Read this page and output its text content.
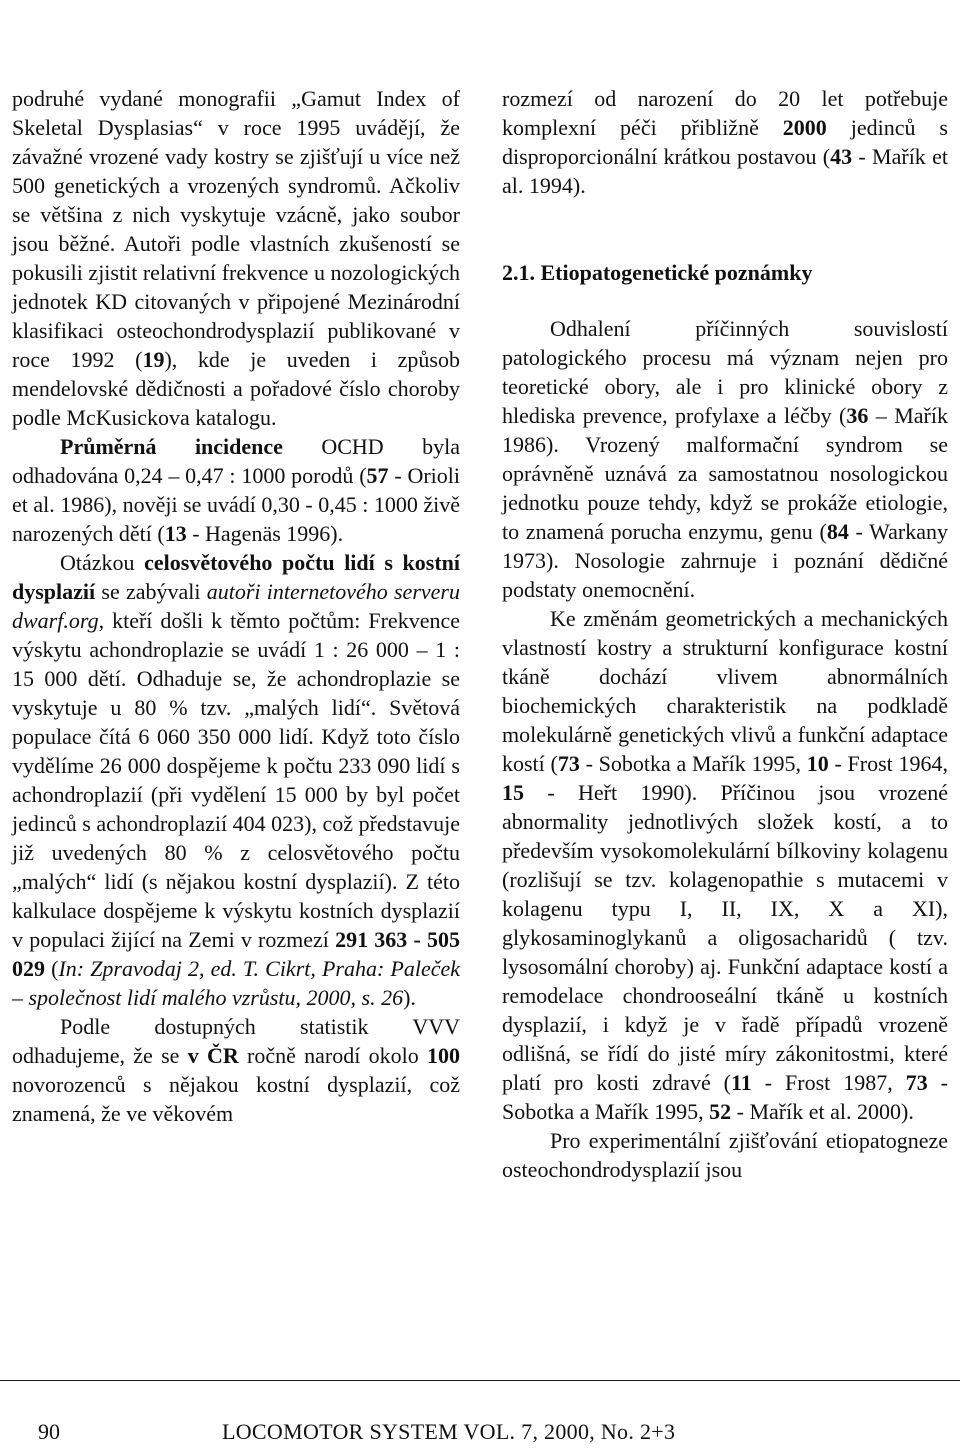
podruhé vydané monografii „Gamut Index of Skeletal Dysplasias“ v roce 1995 uvádějí, že závažné vrozené vady kostry se zjišťují u více než 500 genetických a vrozených syndromů. Ačkoliv se většina z nich vyskytuje vzácně, jako soubor jsou běžné. Autoři podle vlastních zkušeností se pokusili zjistit relativní frekvence u nozologických jednotek KD citovaných v připojené Mezinárodní klasifikaci osteochondrodysplazií publikované v roce 1992 (19), kde je uveden i způsob mendelovské dědičnosti a pořadové číslo choroby podle McKusickova katalogu.

Průměrná incidence OCHD byla odhadována 0,24 – 0,47 : 1000 porodů (57 - Orioli et al. 1986), nověji se uvádí 0,30 - 0,45 : 1000 živě narozených dětí (13 - Hagenäs 1996).

Otázkou celosvětového počtu lidí s kostní dysplazií se zabývali autoři internetového serveru dwarf.org, kteří došli k těmto počtům: Frekvence výskytu achondroplazie se uvádí 1 : 26 000 – 1 : 15 000 dětí. Odhaduje se, že achondroplazie se vyskytuje u 80 % tzv. „malých lidí“. Světová populace čítá 6 060 350 000 lidí. Když toto číslo vydělíme 26 000 dospějeme k počtu 233 090 lidí s achondroplazií (při vydělení 15 000 by byl počet jedinců s achondroplazií 404 023), což představuje již uvedených 80 % z celosvětového počtu „malých“ lidí (s nějakou kostní dysplazií). Z této kalkulace dospějeme k výskytu kostních dysplazií v populaci žijící na Zemi v rozmezí 291 363 - 505 029 (In: Zpravodaj 2, ed. T. Cikrt, Praha: Paleček – společnost lidí malého vzrůstu, 2000, s. 26).

Podle dostupných statistik VVV odhadujeme, že se v ČR ročně narodí okolo 100 novorozenců s nějakou kostní dysplazií, což znamená, že ve věkovém

rozmezí od narození do 20 let potřebuje komplexní péči přibližně 2000 jedinců s disproporcionální krátkou postavou (43 - Mařík et al. 1994).

2.1. Etiopatogenetické poznámky

Odhalení příčinných souvislostí patologického procesu má význam nejen pro teoretické obory, ale i pro klinické obory z hlediska prevence, profylaxe a léčby (36 – Mařík 1986). Vrozený malformační syndrom se oprávněně uznává za samostatnou nosologickou jednotku pouze tehdy, když se prokáže etiologie, to znamená porucha enzymu, genu (84 - Warkany 1973). Nosologie zahrnuje i poznání dědičné podstaty onemocnění.

Ke změnám geometrických a mechanických vlastností kostry a strukturní konfigurace kostní tkáně dochází vlivem abnormálních biochemických charakteristik na podkladě molekulárně genetických vlivů a funkční adaptace kostí (73 - Sobotka a Mařík 1995, 10 - Frost 1964, 15 - Heřt 1990). Příčinou jsou vrozené abnormality jednotlivých složek kostí, a to především vysokomolekulární bílkoviny kolagenu (rozlišují se tzv. kolagenopathie s mutacemi v kolagenu typu I, II, IX, X a XI), glykosaminoglykanů a oligosacharidů ( tzv. lysosomální choroby) aj. Funkční adaptace kostí a remodelace chondrooseální tkáně u kostních dysplazií, i když je v řadě případů vrozeně odlišná, se řídí do jisté míry zákonitostmi, které platí pro kosti zdravé (11 - Frost 1987, 73 - Sobotka a Mařík 1995, 52 - Mařík et al. 2000).

Pro experimentální zjišťování etiopatogneze osteochondrodysplazií jsou

90	LOCOMOTOR SYSTEM VOL. 7, 2000, No. 2+3
